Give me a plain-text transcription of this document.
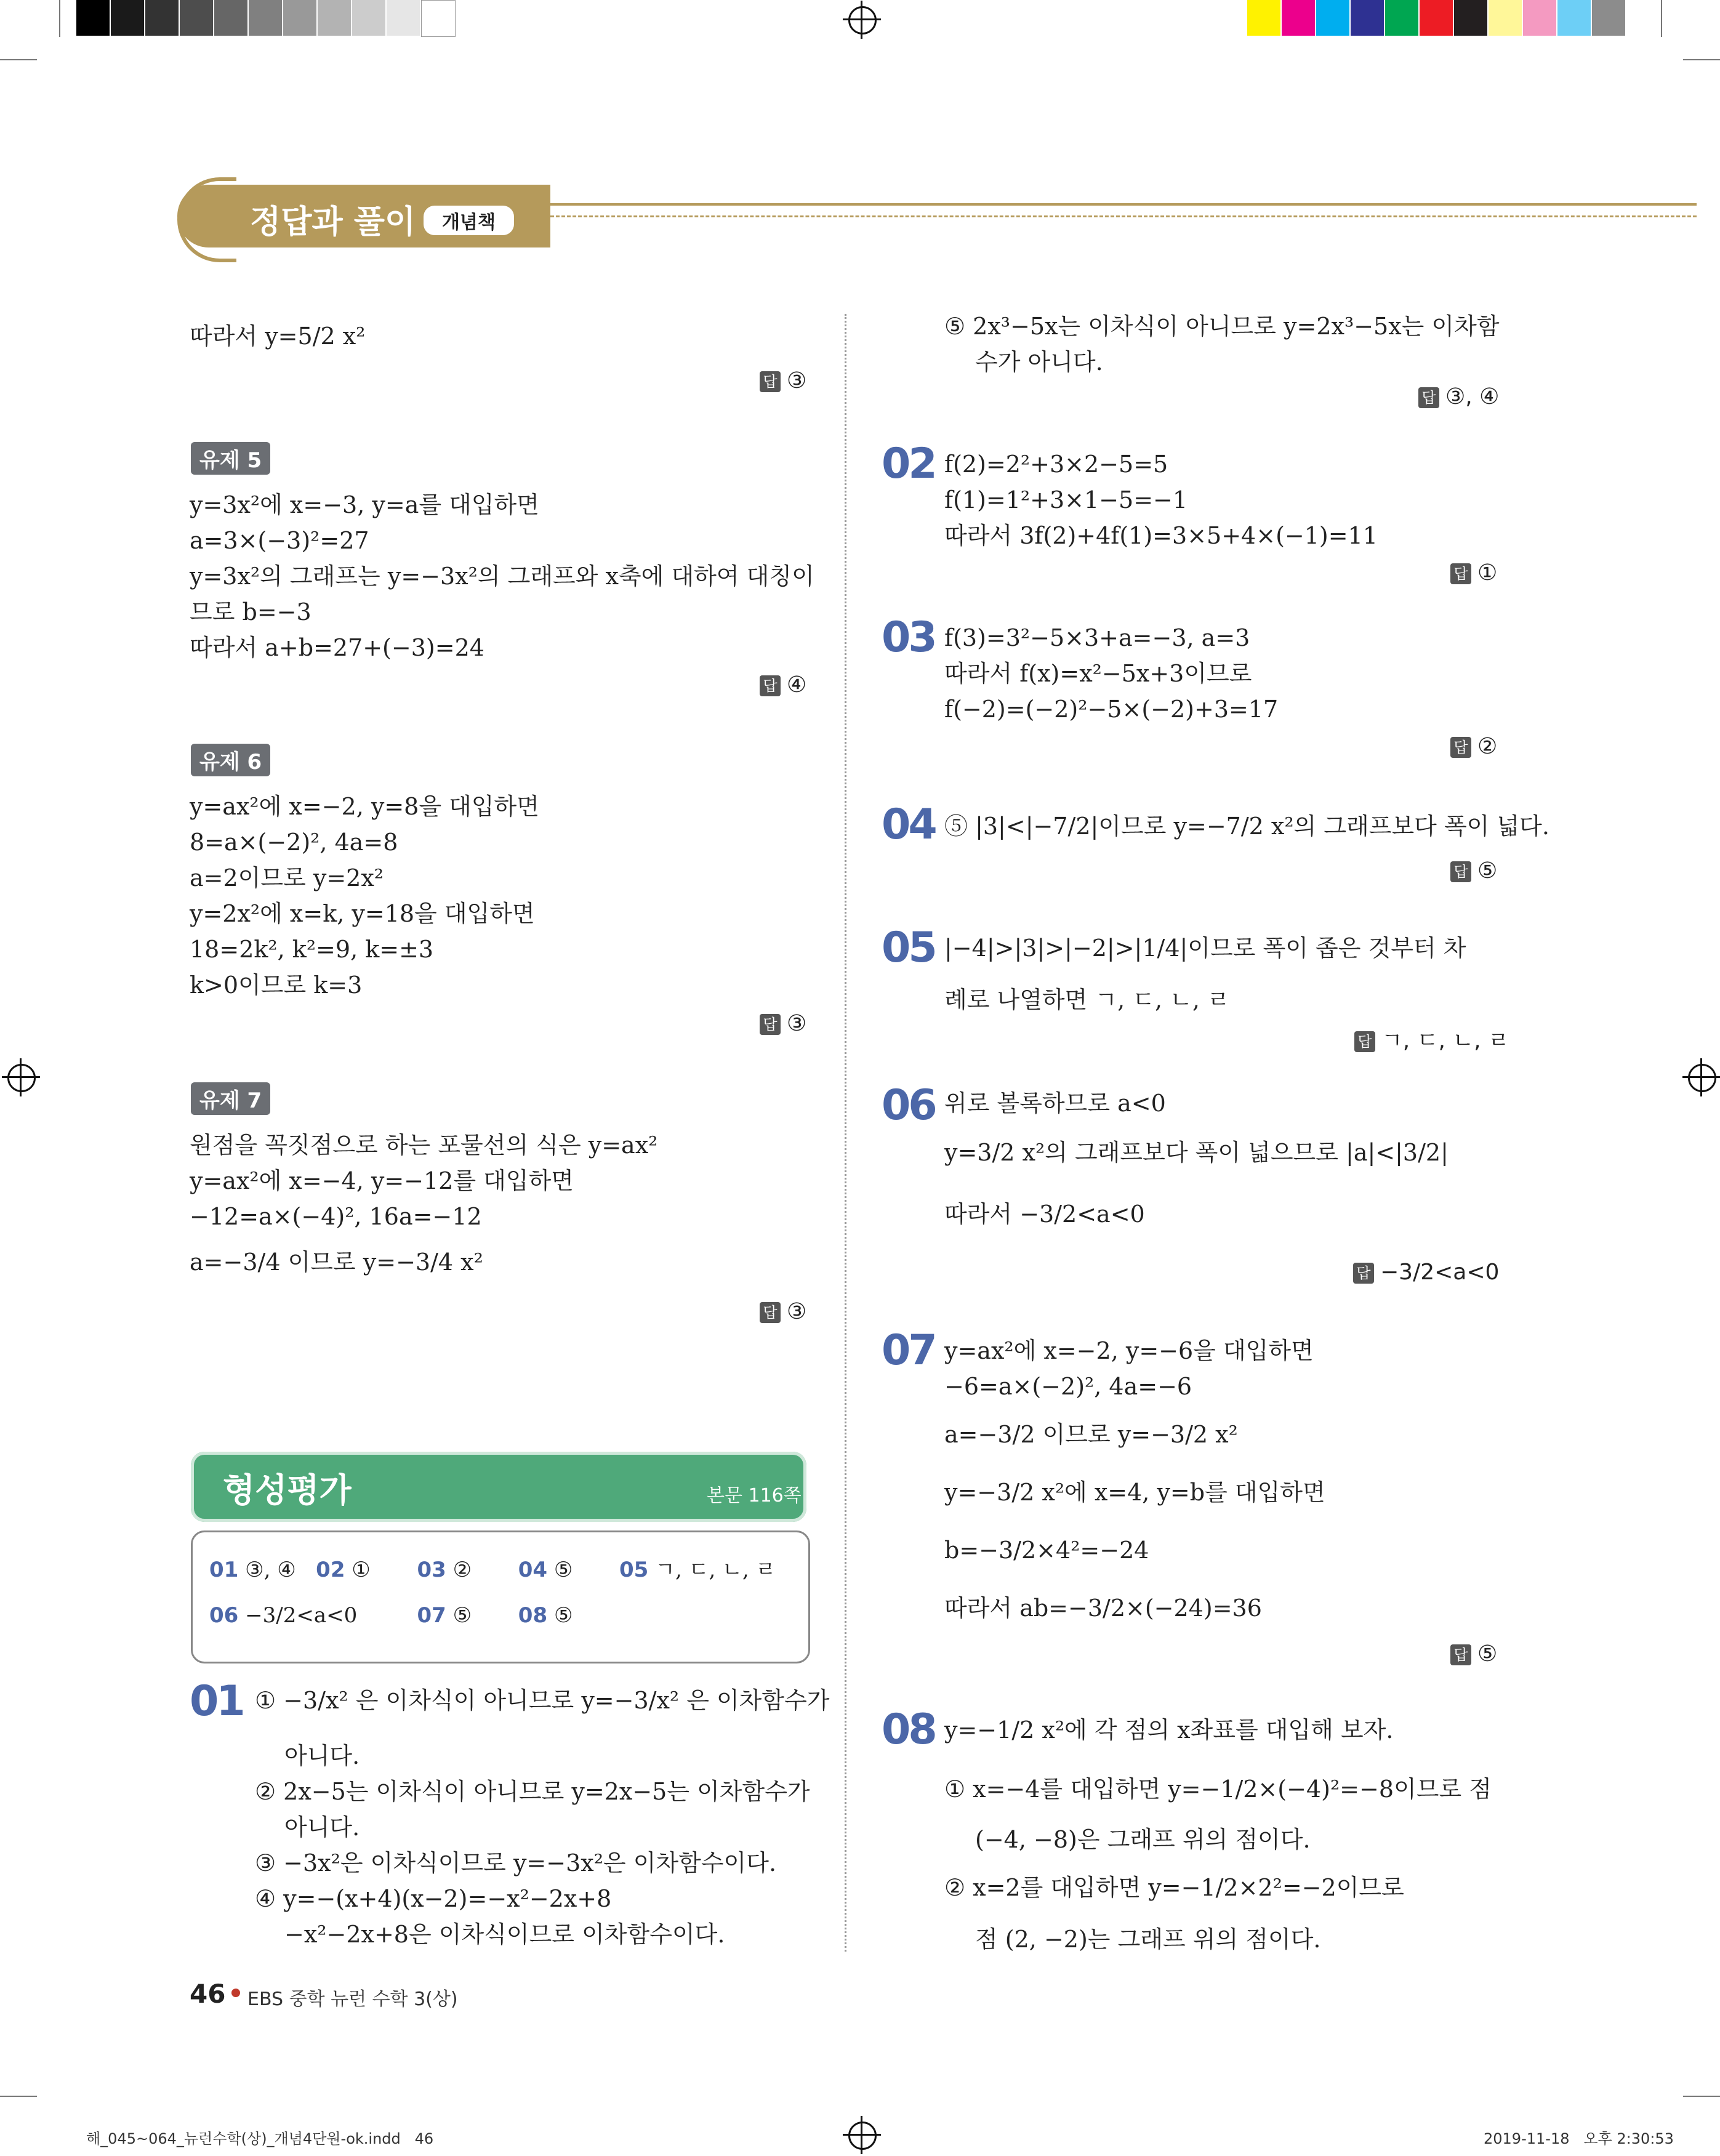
정답과 풀이	개념책
따라서 y=5/2 x²
답 ③
유제 5
y=3x²에 x=−3, y=a를 대입하면
a=3×(−3)²=27
y=3x²의 그래프는 y=−3x²의 그래프와 x축에 대하여 대칭이
므로 b=−3
따라서 a+b=27+(−3)=24
답 ④
유제 6
y=ax²에 x=−2, y=8을 대입하면
8=a×(−2)², 4a=8
a=2이므로 y=2x²
y=2x²에 x=k, y=18을 대입하면
18=2k², k²=9, k=±3
k>0이므로 k=3
답 ③
유제 7
원점을 꼭짓점으로 하는 포물선의 식은 y=ax²
y=ax²에 x=−4, y=−12를 대입하면
−12=a×(−4)², 16a=−12
a=−3/4 이므로 y=−3/4 x²
답 ③
형성평가	본문 116쪽
01 ③, ④ 02 ① 03 ② 04 ⑤ 05 ㄱ, ㄷ, ㄴ, ㄹ
06 −3/2<a<0	07 ⑤ 08 ⑤
01 ① −3/x² 은 이차식이 아니므로 y=−3/x² 은 이차함수가
아니다.
② 2x−5는 이차식이 아니므로 y=2x−5는 이차함수가
아니다.
③ −3x²은 이차식이므로 y=−3x²은 이차함수이다.
④ y=−(x+4)(x−2)=−x²−2x+8
−x²−2x+8은 이차식이므로 이차함수이다.
⑤ 2x³−5x는 이차식이 아니므로 y=2x³−5x는 이차함
수가 아니다.
답 ③, ④
02 f(2)=2²+3×2−5=5
f(1)=1²+3×1−5=−1
따라서 3f(2)+4f(1)=3×5+4×(−1)=11
답 ①
03 f(3)=3²−5×3+a=−3, a=3
따라서 f(x)=x²−5x+3이므로
f(−2)=(−2)²−5×(−2)+3=17
답 ②
04 ⑤ |3|<|−7/2|이므로 y=−7/2 x²의 그래프보다 폭이 넓다.
답 ⑤
05 |−4|>|3|>|−2|>|1/4|이므로 폭이 좁은 것부터 차
례로 나열하면 ㄱ, ㄷ, ㄴ, ㄹ
답 ㄱ, ㄷ, ㄴ, ㄹ
06 위로 볼록하므로 a<0
y=3/2 x²의 그래프보다 폭이 넓으므로 |a|<|3/2|
따라서 −3/2<a<0
답 −3/2<a<0
07 y=ax²에 x=−2, y=−6을 대입하면
−6=a×(−2)², 4a=−6
a=−3/2 이므로 y=−3/2 x²
y=−3/2 x²에 x=4, y=b를 대입하면
b=−3/2×4²=−24
따라서 ab=−3/2×(−24)=36
답 ⑤
08 y=−1/2 x²에 각 점의 x좌표를 대입해 보자.
① x=−4를 대입하면 y=−1/2×(−4)²=−8이므로 점
(−4, −8)은 그래프 위의 점이다.
② x=2를 대입하면 y=−1/2×2²=−2이므로
점 (2, −2)는 그래프 위의 점이다.
46 EBS 중학 뉴런 수학 3(상)
해_045~064_뉴런수학(상)_개념4단원-ok.indd   46	2019-11-18   오후 2:30:53
